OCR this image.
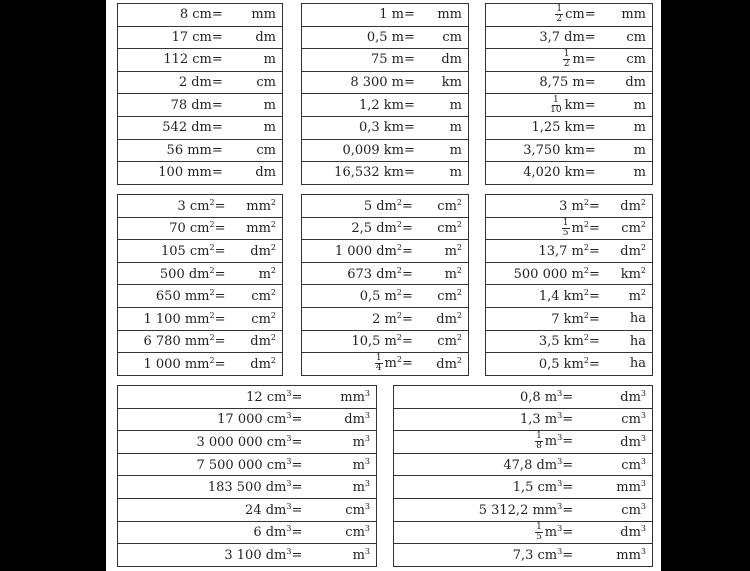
8 cm=	mm
17 cm=	dm
112 cm=	m
2 dm=	cm
78 dm=	m
542 dm=	m
56 mm=	cm
100 mm=	dm
1 m=	mm
0,5 m=	cm
75 m=	dm
8 300 m=	km
1,2 km=	m
0,3 km=	m
0,009 km=	m
16,532 km=	m
$\frac{1}{2} cm=$	mm
3,7 dm=	cm

$\frac{1}{2} m=$	cm
8,75 m=	dm

$\frac{1}{10} km=$	m
1,25 km=	m
3,750 km=	m
4,020 km=	m
3 $cm^2=$	$mm^2$
70 $cm^2=$	$mm^2$
105 $cm^2=$	$dm^2$
500 $dm^2=$	$m^2$
650 $mm^2=$	$cm^2$
1 100 $mm^2=$	$cm^2$
6 780 $mm^2=$	$dm^2$
1 000 $mm^2=$	$dm^2$
5 $dm^2=$	$cm^2$
2,5 $dm^2=$	$cm^2$
1 000 $dm^2=$	$m^2$
673 $dm^2=$	$m^2$
0,5 $m^2=$	$cm^2$
2 $m^2=$	$dm^2$
10,5 $m^2=$	$cm^2$

$\frac{1}{4} m^2=$	$dm^2$
3 $m^2=$	$dm^2$

$\frac{1}{5} m^2=$	$cm^2$
13,7 $m^2=$	$dm^2$
500 000 $m^2=$	$km^2$
1,4 $km^2=$	$m^2$
7 $km^2=$	ha
3,5 $km^2=$	ha
0,5 $km^2=$	ha
12 $cm^3=$	$mm^3$
17 000 $cm^3=$	$dm^3$
3 000 000 $cm^3=$	$m^3$
7 500 000 $cm^3=$	$m^3$
183 500 $dm^3=$	$m^3$
24 $dm^3=$	$cm^3$
6 $dm^3=$	$cm^3$
3 100 $dm^3=$	$m^3$
0,8 $m^3=$	$dm^3$
1,3 $m^3=$	$cm^3$

$\frac{1}{8} m^3=$	$dm^3$
47,8 $dm^3=$	$cm^3$
1,5 $cm^3=$	$mm^3$
5 312,2 $mm^3=$	$cm^3$

$\frac{1}{5} m^3=$	$dm^3$
7,3 $cm^3=$	$mm^3$
